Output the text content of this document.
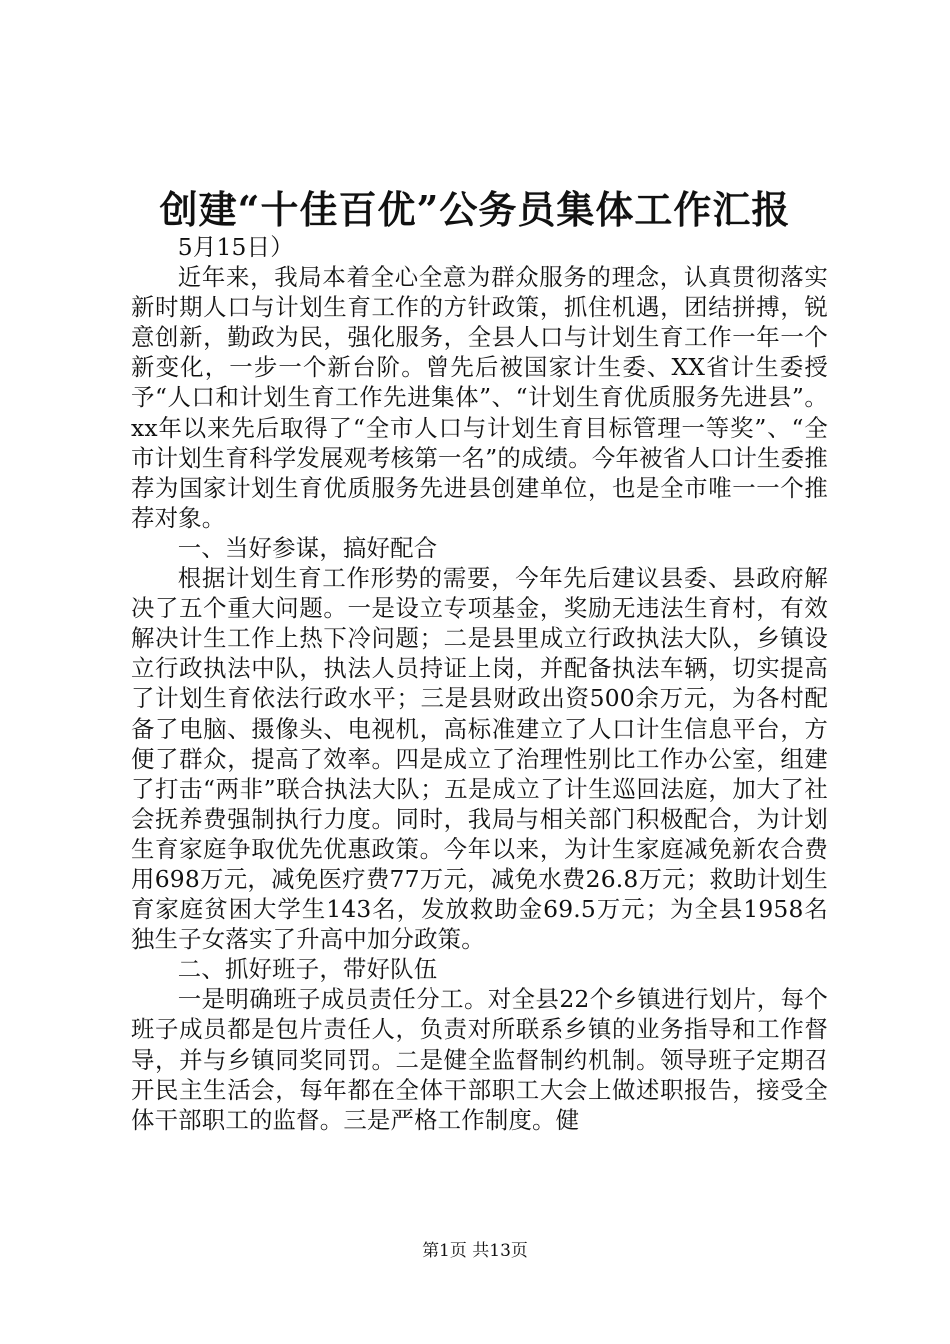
创建“十佳百优”公务员集体工作汇报

5月15日）

近年来，我局本着全心全意为群众服务的理念，认真贯彻落实新时期人口与计划生育工作的方针政策，抓住机遇，团结拼搏，锐意创新，勤政为民，强化服务，全县人口与计划生育工作一年一个新变化，一步一个新台阶。曾先后被国家计生委、XX省计生委授予“人口和计划生育工作先进集体”、“计划生育优质服务先进县”。xx年以来先后取得了“全市人口与计划生育目标管理一等奖”、“全市计划生育科学发展观考核第一名”的成绩。今年被省人口计生委推荐为国家计划生育优质服务先进县创建单位，也是全市唯一一个推荐对象。

一、当好参谋，搞好配合

根据计划生育工作形势的需要，今年先后建议县委、县政府解决了五个重大问题。一是设立专项基金，奖励无违法生育村，有效解决计生工作上热下冷问题；二是县里成立行政执法大队，乡镇设立行政执法中队，执法人员持证上岗，并配备执法车辆，切实提高了计划生育依法行政水平；三是县财政出资500余万元，为各村配备了电脑、摄像头、电视机，高标准建立了人口计生信息平台，方便了群众，提高了效率。四是成立了治理性别比工作办公室，组建了打击“两非”联合执法大队；五是成立了计生巡回法庭，加大了社会抚养费强制执行力度。同时，我局与相关部门积极配合，为计划生育家庭争取优先优惠政策。今年以来，为计生家庭减免新农合费用698万元，减免医疗费77万元，减免水费26.8万元；救助计划生育家庭贫困大学生143名，发放救助金69.5万元；为全县1958名独生子女落实了升高中加分政策。

二、抓好班子，带好队伍

一是明确班子成员责任分工。对全县22个乡镇进行划片，每个班子成员都是包片责任人，负责对所联系乡镇的业务指导和工作督导，并与乡镇同奖同罚。二是健全监督制约机制。领导班子定期召开民主生活会，每年都在全体干部职工大会上做述职报告，接受全体干部职工的监督。三是严格工作制度。健

第1页 共13页
